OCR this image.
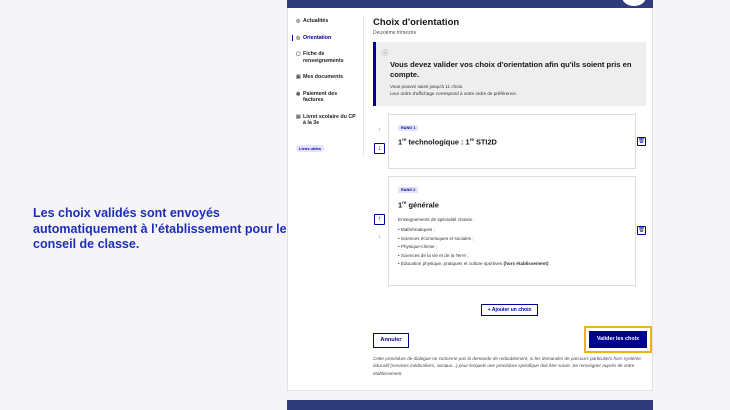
Les choix validés sont envoyés automatiquement à l’établissement pour le conseil de classe.
◎ Actualités
◎ Orientation
▢ Fiche de renseignements
▣ Mes documents
◉ Paiement des factures
▤ Livret scolaire du CP à la 3e
Liens utiles
Choix d'orientation
Deuxième trimestre
ⓘ
Vous devez valider vos choix d'orientation afin qu'ils soient pris en compte.
Vous pouvez saisir jusqu'à 11 choix.
Leur ordre d'affichage correspond à votre ordre de préférence.
↑
↓
RANG 1
1re technologique : 1re STI2D	🗑
↑
↓
RANG 2
1re générale
Enseignements de spécialité choisis :
• Mathématiques ;
• Sciences économiques et sociales ;
• Physique-chimie ;
• Sciences de la vie et de la Terre ;
• Éducation physique, pratiques et culture sportives (hors établissement) .
🗑
+ Ajouter un choix
Annuler	Valider les choix
Cette procédure de dialogue ne concerne pas la demande de redoublement, ni les demandes de parcours particuliers hors système éducatif (services médicalisés, sociaux...) pour lesquels une procédure spécifique doit être suivie. Se renseigner auprès de votre établissement.
